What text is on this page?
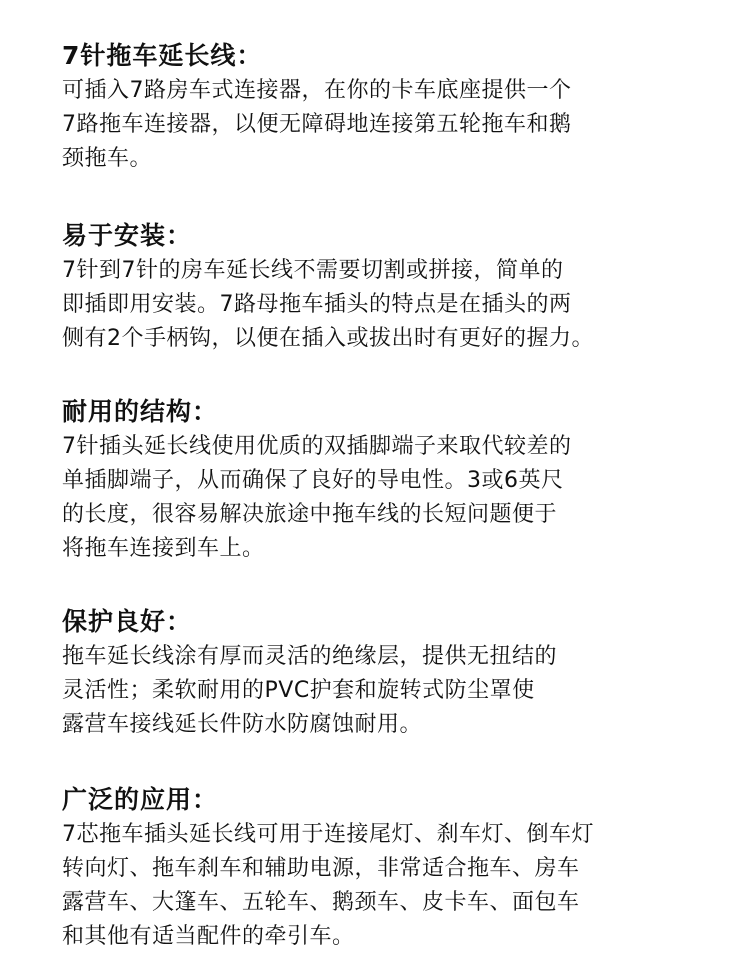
7针拖车延长线：
可插入7路房车式连接器，在你的卡车底座提供一个
7路拖车连接器，以便无障碍地连接第五轮拖车和鹅
颈拖车。
易于安装：
7针到7针的房车延长线不需要切割或拼接，简单的
即插即用安装。7路母拖车插头的特点是在插头的两
侧有2个手柄钩，以便在插入或拔出时有更好的握力。
耐用的结构：
7针插头延长线使用优质的双插脚端子来取代较差的
单插脚端子，从而确保了良好的导电性。3或6英尺
的长度，很容易解决旅途中拖车线的长短问题便于
将拖车连接到车上。
保护良好：
拖车延长线涂有厚而灵活的绝缘层，提供无扭结的
灵活性；柔软耐用的PVC护套和旋转式防尘罩使
露营车接线延长件防水防腐蚀耐用。
广泛的应用：
7芯拖车插头延长线可用于连接尾灯、刹车灯、倒车灯
转向灯、拖车刹车和辅助电源，非常适合拖车、房车
露营车、大篷车、五轮车、鹅颈车、皮卡车、面包车
和其他有适当配件的牵引车。
